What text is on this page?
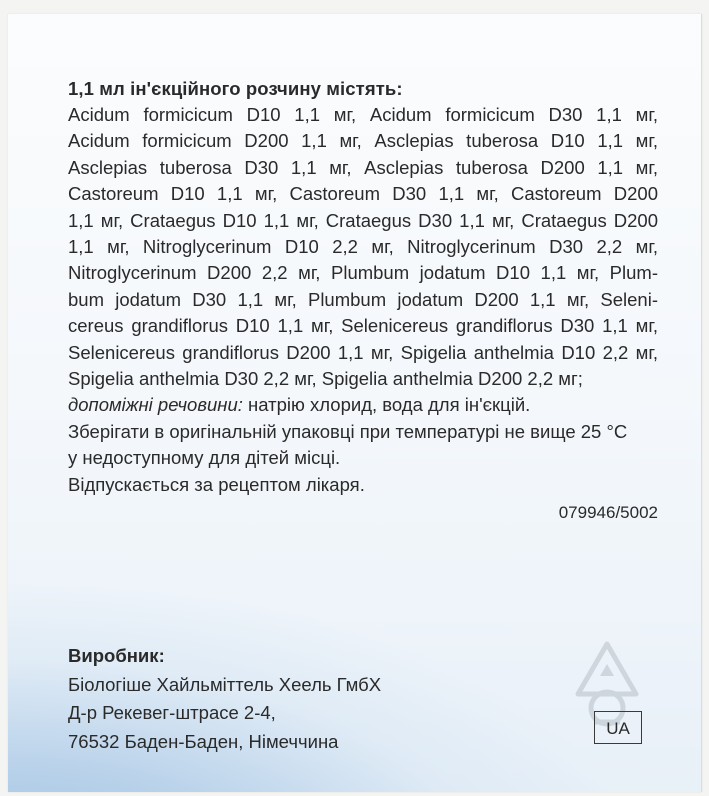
1,1 мл ін'єкційного розчину містять:
Acidum formicicum D10 1,1 мг, Acidum formicicum D30 1,1 мг,
Acidum formicicum D200 1,1 мг, Asclepias tuberosa D10 1,1 мг,
Asclepias tuberosa D30 1,1 мг, Asclepias tuberosa D200 1,1 мг,
Castoreum D10 1,1 мг, Castoreum D30 1,1 мг, Castoreum D200
1,1 мг, Crataegus D10 1,1 мг, Crataegus D30 1,1 мг, Crataegus D200
1,1 мг, Nitroglycerinum D10 2,2 мг, Nitroglycerinum D30 2,2 мг,
Nitroglycerinum D200 2,2 мг, Plumbum jodatum D10 1,1 мг, Plum-
bum jodatum D30 1,1 мг, Plumbum jodatum D200 1,1 мг, Seleni-
cereus grandiflorus D10 1,1 мг, Selenicereus grandiflorus D30 1,1 мг,
Selenicereus grandiflorus D200 1,1 мг, Spigelia anthelmia D10 2,2 мг,
Spigelia anthelmia D30 2,2 мг, Spigelia anthelmia D200 2,2 мг;
допоміжні речовини: натрію хлорид, вода для ін'єкцій.
Зберігати в оригінальній упаковці при температурі не вище 25 °C
у недоступному для дітей місці.
Відпускається за рецептом лікаря.
079946/5002
Виробник:
Біологіше Хайльміттель Хеель ГмбХ
Д-р Рекевег-штрасе 2-4,
76532 Баден-Баден, Німеччина
UA
